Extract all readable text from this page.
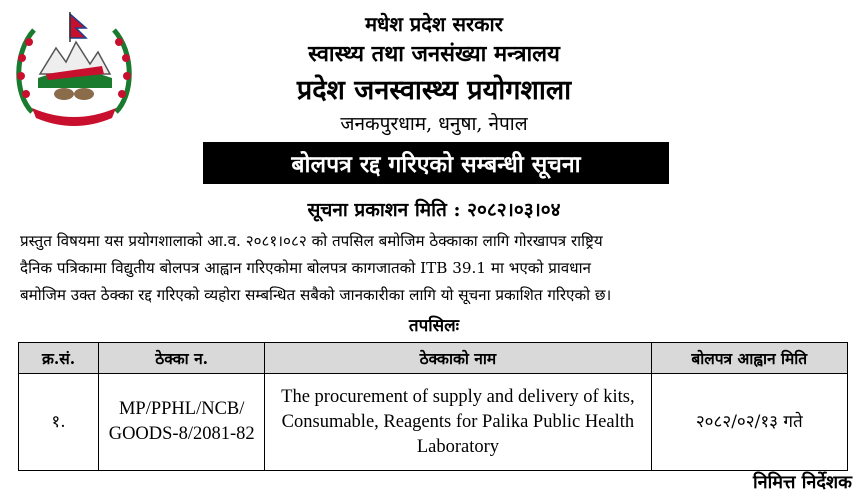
मधेश प्रदेश सरकार
स्वास्थ्य तथा जनसंख्या मन्त्रालय
प्रदेश जनस्वास्थ्य प्रयोगशाला
जनकपुरधाम, धनुषा, नेपाल
बोलपत्र रद्द गरिएको सम्बन्धी सूचना
सूचना प्रकाशन मिति : २०८२।०३।०४
प्रस्तुत विषयमा यस प्रयोगशालाको आ.व. २०८१।०८२ को तपसिल बमोजिम ठेक्काका लागि गोरखापत्र राष्ट्रिय
दैनिक पत्रिकामा विद्युतीय बोलपत्र आह्वान गरिएकोमा बोलपत्र कागजातको ITB 39.1 मा भएको प्रावधान
बमोजिम उक्त ठेक्का रद्द गरिएको व्यहोरा सम्बन्धित सबैको जानकारीका लागि यो सूचना प्रकाशित गरिएको छ।
तपसिलः
क्र.सं.	ठेक्का न.	ठेक्काको नाम	बोलपत्र आह्वान मिति
१.	MP/PPHL/NCB/ GOODS-8/2081-82	The procurement of supply and delivery of kits, Consumable, Reagents for Palika Public Health Laboratory	२०८२/०२/१३ गते
निमित्त निर्देशक
